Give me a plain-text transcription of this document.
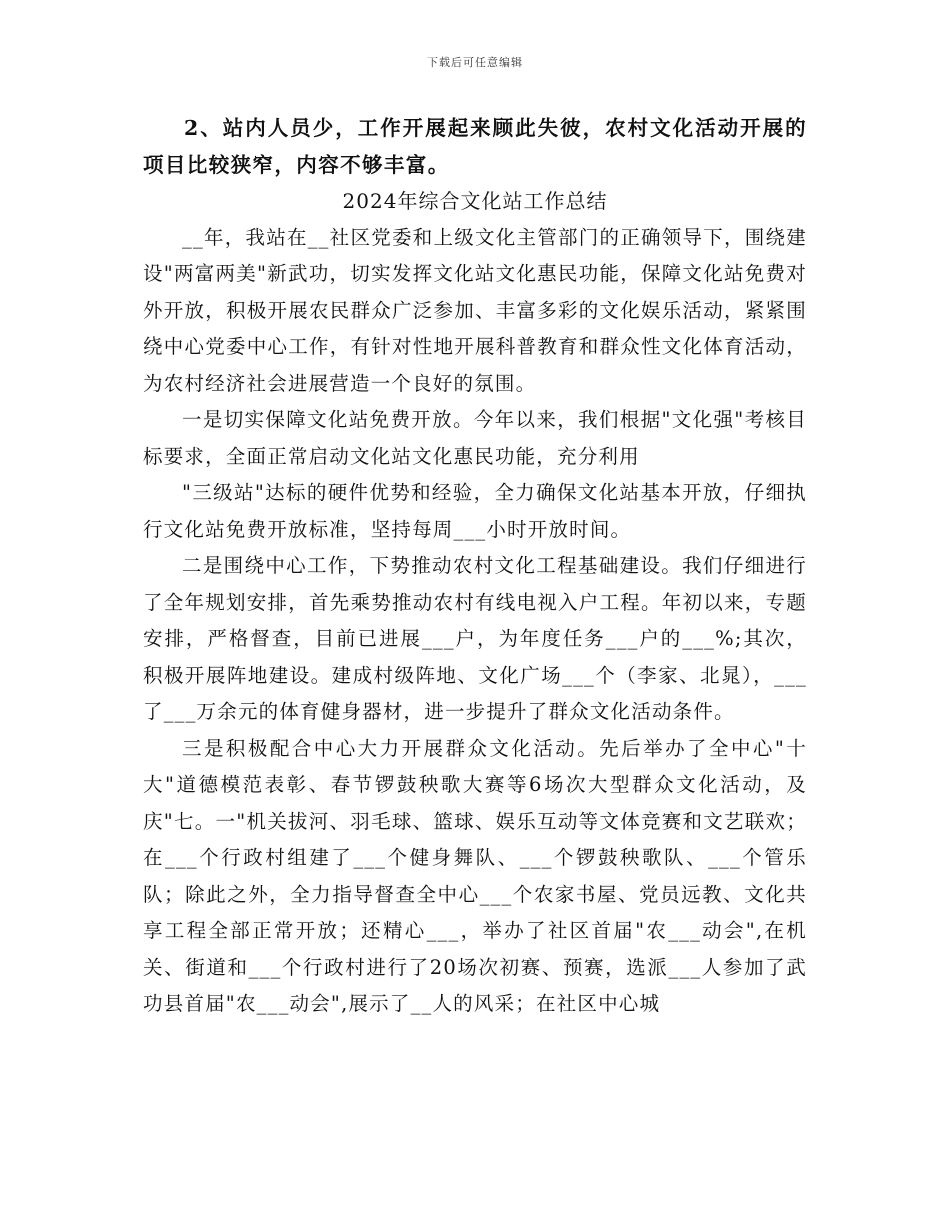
下载后可任意编辑

2、站内人员少，工作开展起来顾此失彼，农村文化活动开展的项目比较狭窄，内容不够丰富。

2024年综合文化站工作总结

__年，我站在__社区党委和上级文化主管部门的正确领导下，围绕建设"两富两美"新武功，切实发挥文化站文化惠民功能，保障文化站免费对外开放，积极开展农民群众广泛参加、丰富多彩的文化娱乐活动，紧紧围绕中心党委中心工作，有针对性地开展科普教育和群众性文化体育活动，为农村经济社会进展营造一个良好的氛围。

一是切实保障文化站免费开放。今年以来，我们根据"文化强"考核目标要求，全面正常启动文化站文化惠民功能，充分利用

"三级站"达标的硬件优势和经验，全力确保文化站基本开放，仔细执行文化站免费开放标准，坚持每周___小时开放时间。

二是围绕中心工作，下势推动农村文化工程基础建设。我们仔细进行了全年规划安排，首先乘势推动农村有线电视入户工程。年初以来，专题安排，严格督查，目前已进展___户，为年度任务___户的___%;其次，积极开展阵地建设。建成村级阵地、文化广场___个（李家、北晁），___了___万余元的体育健身器材，进一步提升了群众文化活动条件。

三是积极配合中心大力开展群众文化活动。先后举办了全中心"十大"道德模范表彰、春节锣鼓秧歌大赛等6场次大型群众文化活动，及庆"七。一"机关拔河、羽毛球、篮球、娱乐互动等文体竞赛和文艺联欢；在___个行政村组建了___个健身舞队、___个锣鼓秧歌队、___个管乐队；除此之外，全力指导督查全中心___个农家书屋、党员远教、文化共享工程全部正常开放；还精心___，举办了社区首届"农___动会",在机关、街道和___个行政村进行了20场次初赛、预赛，选派___人参加了武功县首届"农___动会",展示了__人的风采；在社区中心城
